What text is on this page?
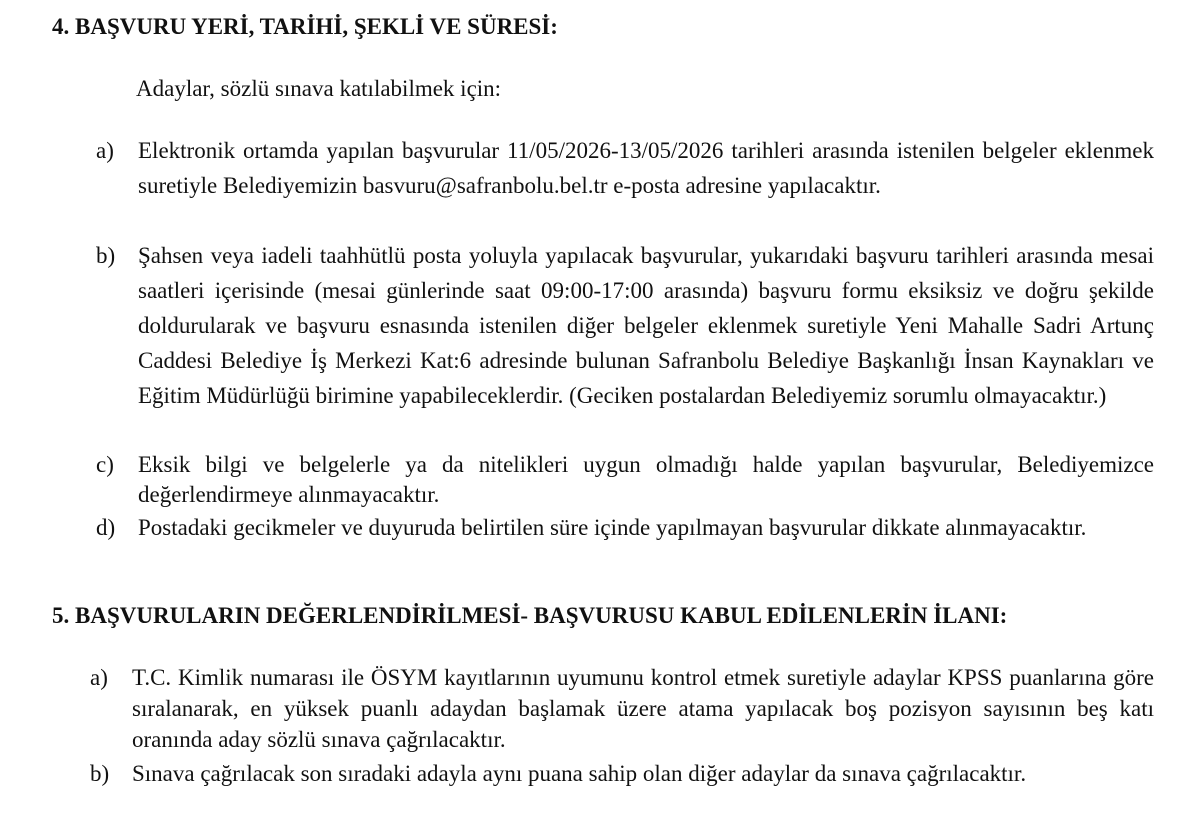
4. BAŞVURU YERİ, TARİHİ, ŞEKLİ VE SÜRESİ:

Adaylar, sözlü sınava katılabilmek için:

a) Elektronik ortamda yapılan başvurular 11/05/2026-13/05/2026 tarihleri arasında istenilen belgeler eklenmek suretiyle Belediyemizin basvuru@safranbolu.bel.tr e-posta adresine yapılacaktır.
b) Şahsen veya iadeli taahhütlü posta yoluyla yapılacak başvurular, yukarıdaki başvuru tarihleri arasında mesai saatleri içerisinde (mesai günlerinde saat 09:00-17:00 arasında) başvuru formu eksiksiz ve doğru şekilde doldurularak ve başvuru esnasında istenilen diğer belgeler eklenmek suretiyle Yeni Mahalle Sadri Artunç Caddesi Belediye İş Merkezi Kat:6 adresinde bulunan Safranbolu Belediye Başkanlığı İnsan Kaynakları ve Eğitim Müdürlüğü birimine yapabileceklerdir. (Geciken postalardan Belediyemiz sorumlu olmayacaktır.)
c) Eksik bilgi ve belgelerle ya da nitelikleri uygun olmadığı halde yapılan başvurular, Belediyemizce değerlendirmeye alınmayacaktır.
d) Postadaki gecikmeler ve duyuruda belirtilen süre içinde yapılmayan başvurular dikkate alınmayacaktır.
5. BAŞVURULARIN DEĞERLENDİRİLMESİ- BAŞVURUSU KABUL EDİLENLERİN İLANI:
a) T.C. Kimlik numarası ile ÖSYM kayıtlarının uyumunu kontrol etmek suretiyle adaylar KPSS puanlarına göre sıralanarak, en yüksek puanlı adaydan başlamak üzere atama yapılacak boş pozisyon sayısının beş katı oranında aday sözlü sınava çağrılacaktır.
b) Sınava çağrılacak son sıradaki adayla aynı puana sahip olan diğer adaylar da sınava çağrılacaktır.
